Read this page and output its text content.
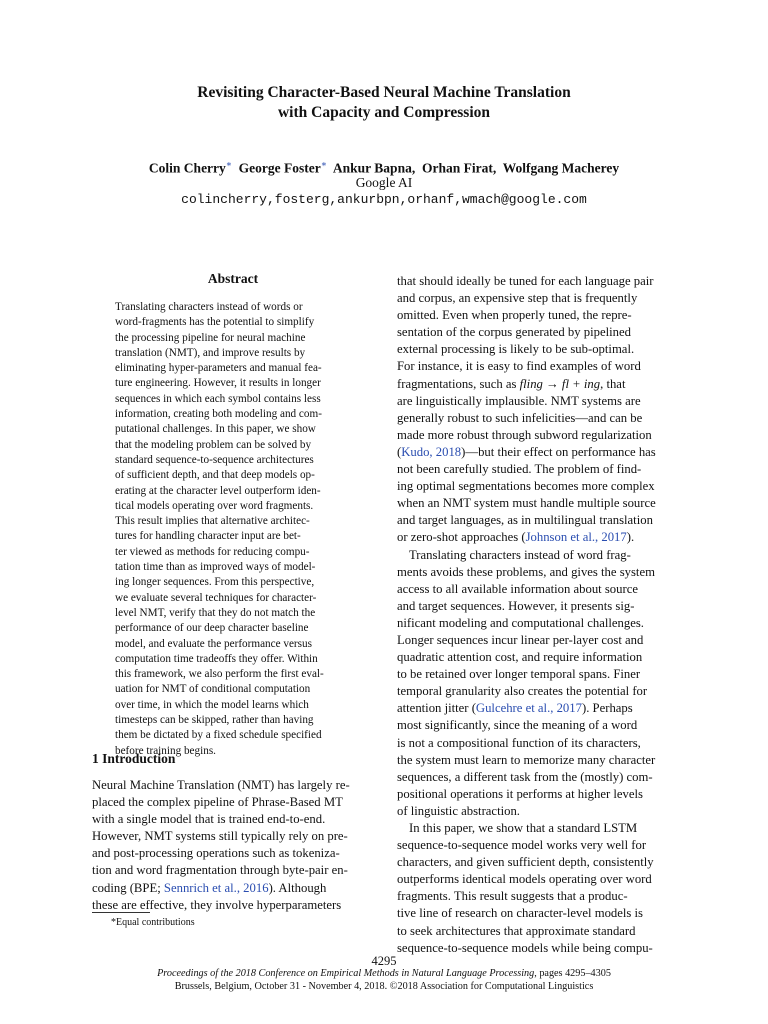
Revisiting Character-Based Neural Machine Translation
with Capacity and Compression
Colin Cherry∗ George Foster∗ Ankur Bapna, Orhan Firat, Wolfgang Macherey
Google AI
colincherry,fosterg,ankurbpn,orhanf,wmach@google.com
Abstract
Translating characters instead of words or
word-fragments has the potential to simplify
the processing pipeline for neural machine
translation (NMT), and improve results by
eliminating hyper-parameters and manual fea-
ture engineering. However, it results in longer
sequences in which each symbol contains less
information, creating both modeling and com-
putational challenges. In this paper, we show
that the modeling problem can be solved by
standard sequence-to-sequence architectures
of sufficient depth, and that deep models op-
erating at the character level outperform iden-
tical models operating over word fragments.
This result implies that alternative architec-
tures for handling character input are bet-
ter viewed as methods for reducing compu-
tation time than as improved ways of model-
ing longer sequences. From this perspective,
we evaluate several techniques for character-
level NMT, verify that they do not match the
performance of our deep character baseline
model, and evaluate the performance versus
computation time tradeoffs they offer. Within
this framework, we also perform the first eval-
uation for NMT of conditional computation
over time, in which the model learns which
timesteps can be skipped, rather than having
them be dictated by a fixed schedule specified
before training begins.
1 Introduction
Neural Machine Translation (NMT) has largely re-
placed the complex pipeline of Phrase-Based MT
with a single model that is trained end-to-end.
However, NMT systems still typically rely on pre-
and post-processing operations such as tokeniza-
tion and word fragmentation through byte-pair en-
coding (BPE; Sennrich et al., 2016). Although
these are effective, they involve hyperparameters
that should ideally be tuned for each language pair
and corpus, an expensive step that is frequently
omitted. Even when properly tuned, the repre-
sentation of the corpus generated by pipelined
external processing is likely to be sub-optimal.
For instance, it is easy to find examples of word
fragmentations, such as fling → fl + ing, that
are linguistically implausible. NMT systems are
generally robust to such infelicities—and can be
made more robust through subword regularization
(Kudo, 2018)—but their effect on performance has
not been carefully studied. The problem of find-
ing optimal segmentations becomes more complex
when an NMT system must handle multiple source
and target languages, as in multilingual translation
or zero-shot approaches (Johnson et al., 2017).
Translating characters instead of word frag-
ments avoids these problems, and gives the system
access to all available information about source
and target sequences. However, it presents sig-
nificant modeling and computational challenges.
Longer sequences incur linear per-layer cost and
quadratic attention cost, and require information
to be retained over longer temporal spans. Finer
temporal granularity also creates the potential for
attention jitter (Gulcehre et al., 2017). Perhaps
most significantly, since the meaning of a word
is not a compositional function of its characters,
the system must learn to memorize many character
sequences, a different task from the (mostly) com-
positional operations it performs at higher levels
of linguistic abstraction.
In this paper, we show that a standard LSTM
sequence-to-sequence model works very well for
characters, and given sufficient depth, consistently
outperforms identical models operating over word
fragments. This result suggests that a produc-
tive line of research on character-level models is
to seek architectures that approximate standard
sequence-to-sequence models while being compu-
*Equal contributions
4295
Proceedings of the 2018 Conference on Empirical Methods in Natural Language Processing, pages 4295–4305
Brussels, Belgium, October 31 - November 4, 2018. ©2018 Association for Computational Linguistics
